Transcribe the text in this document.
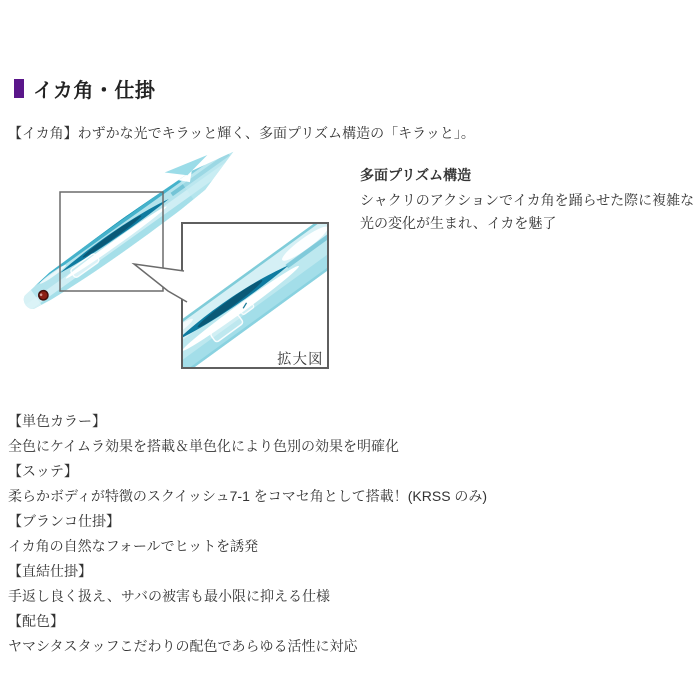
イカ角・仕掛
【イカ角】わずかな光でキラッと輝く、多面プリズム構造の「キラッと」。
拡大図
多面プリズム構造
シャクリのアクションでイカ角を踊らせた際に複雑な
光の変化が生まれ、イカを魅了
【単色カラー】
全色にケイムラ効果を搭載＆単色化により色別の効果を明確化
【スッテ】
柔らかボディが特徴のスクイッシュ7-1 をコマセ角として搭載！(KRSS のみ)
【ブランコ仕掛】
イカ角の自然なフォールでヒットを誘発
【直結仕掛】
手返し良く扱え、サバの被害も最小限に抑える仕様
【配色】
ヤマシタスタッフこだわりの配色であらゆる活性に対応
